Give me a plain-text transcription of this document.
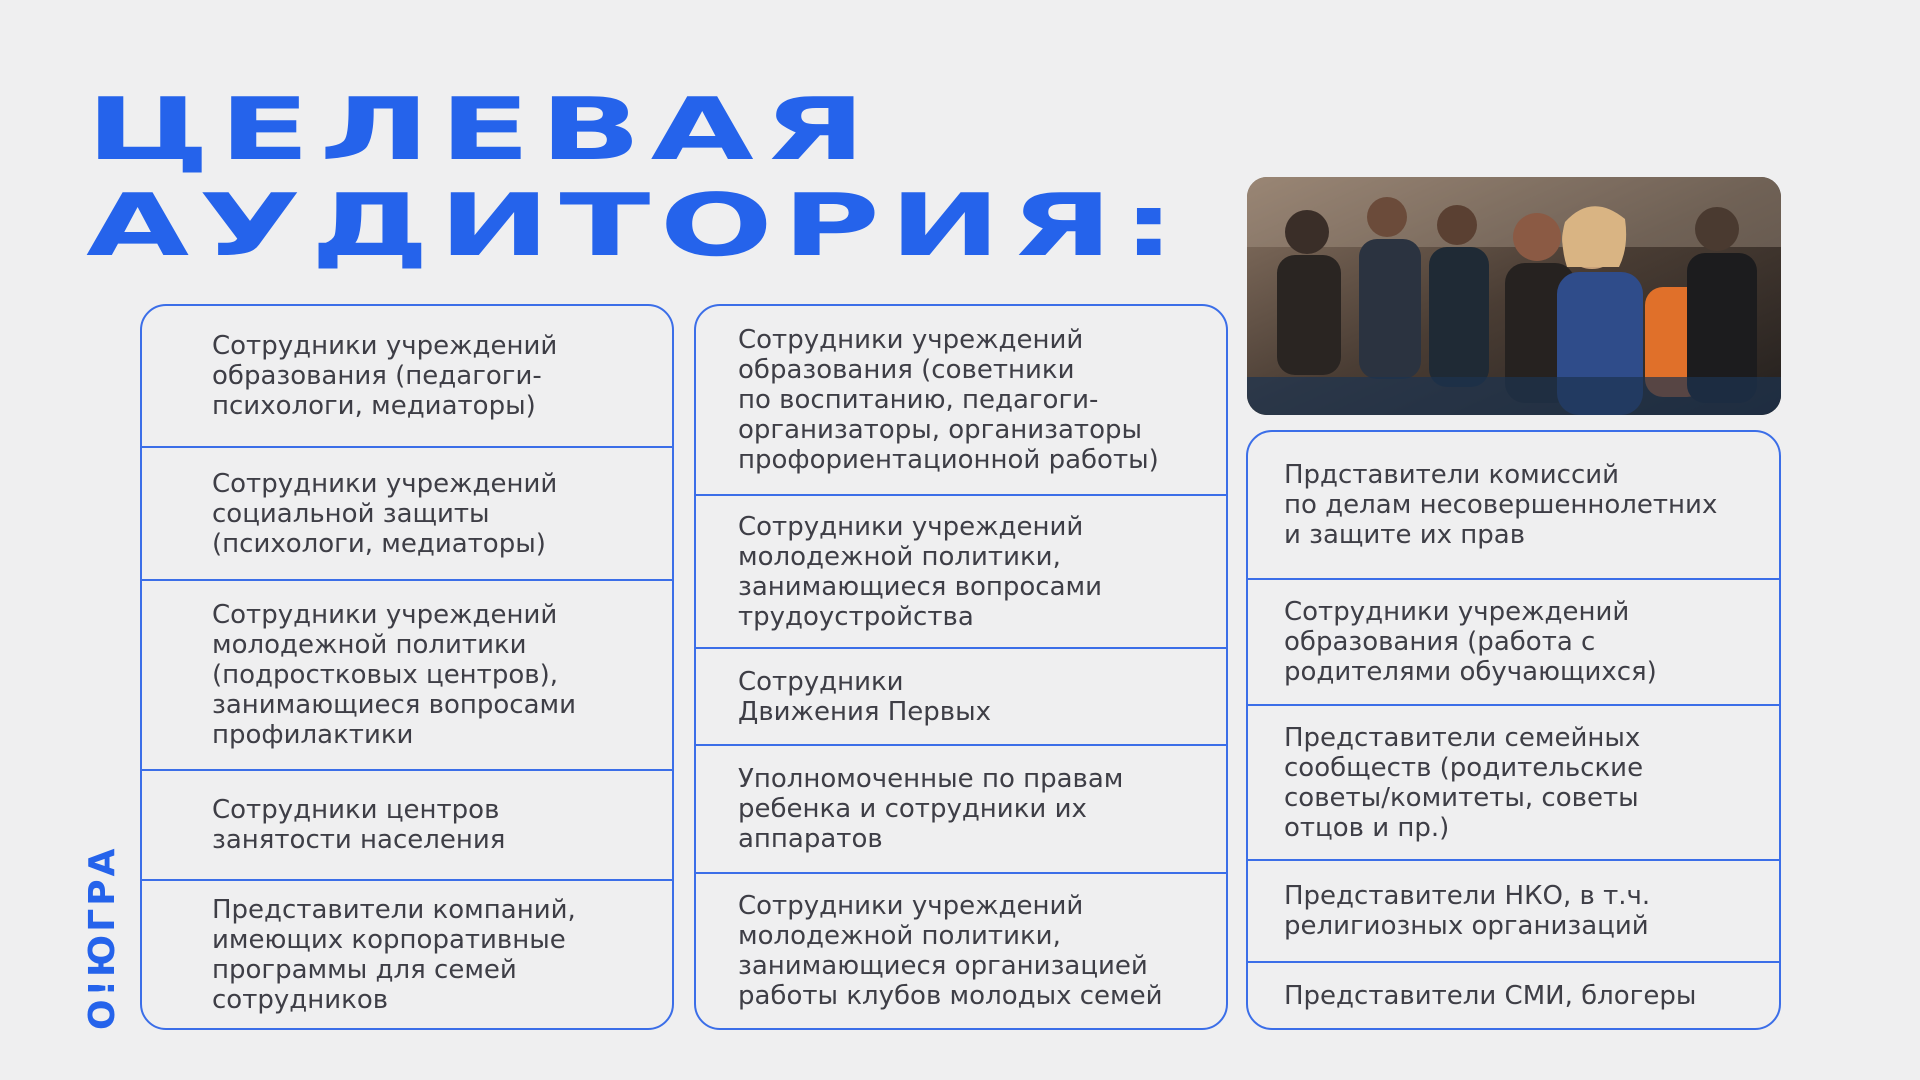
ЦЕЛЕВАЯ
АУДИТОРИЯ:
О!ЮГРА
Сотрудники учреждений
образования (педагоги-
психологи, медиаторы)
Сотрудники учреждений
социальной защиты
(психологи, медиаторы)
Сотрудники учреждений
молодежной политики
(подростковых центров),
занимающиеся вопросами
профилактики
Сотрудники центров
занятости населения
Представители компаний,
имеющих корпоративные
программы для семей
сотрудников
Сотрудники учреждений
образования (советники
по воспитанию, педагоги-
организаторы, организаторы
профориентационной работы)
Сотрудники учреждений
молодежной политики,
занимающиеся вопросами
трудоустройства
Сотрудники
Движения Первых
Уполномоченные по правам
ребенка и сотрудники их
аппаратов
Сотрудники учреждений
молодежной политики,
занимающиеся организацией
работы клубов молодых семей
Прдставители комиссий
по делам несовершеннолетних
и защите их прав
Сотрудники учреждений
образования (работа с
родителями обучающихся)
Представители семейных
сообществ (родительские
советы/комитеты, советы
отцов и пр.)
Представители НКО, в т.ч.
религиозных организаций
Представители СМИ, блогеры
